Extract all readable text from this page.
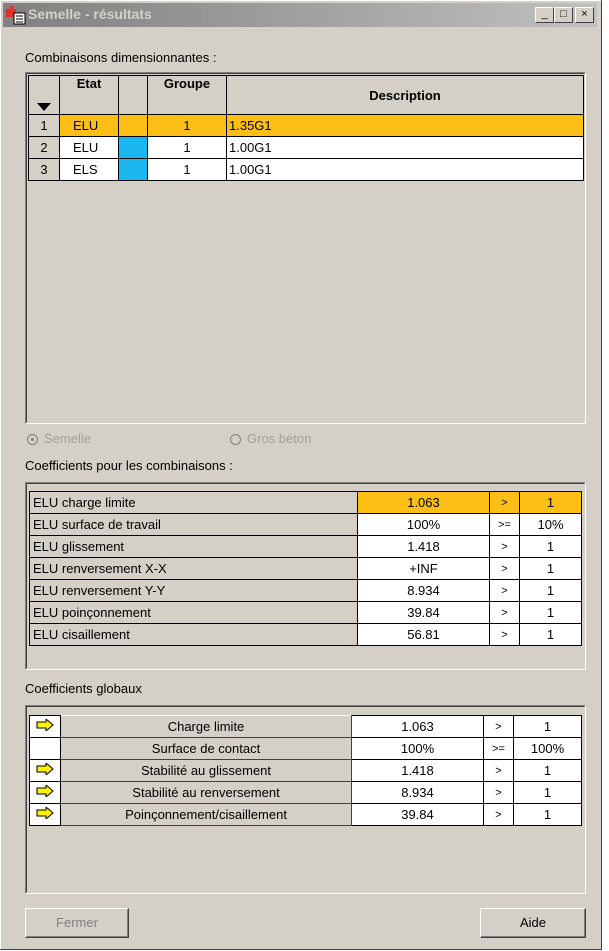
Semelle - résultats	_	□	×
Combinaisons dimensionnantes :
	Etat		Groupe	Description
1	ELU		1	1.35G1
2	ELU		1	1.00G1
3	ELS		1	1.00G1
Semelle	Gros béton
Coefficients pour les combinaisons :
ELU charge limite	1.063	>	1
ELU surface de travail	100%	>=	10%
ELU glissement	1.418	>	1
ELU renversement X-X	+INF	>	1
ELU renversement Y-Y	8.934	>	1
ELU poinçonnement	39.84	>	1
ELU cisaillement	56.81	>	1
Coefficients globaux
	Charge limite	1.063	>	1
	Surface de contact	100%	>=	100%
	Stabilité au glissement	1.418	>	1
	Stabilité au renversement	8.934	>	1
	Poinçonnement/cisaillement	39.84	>	1
Fermer	Aide
